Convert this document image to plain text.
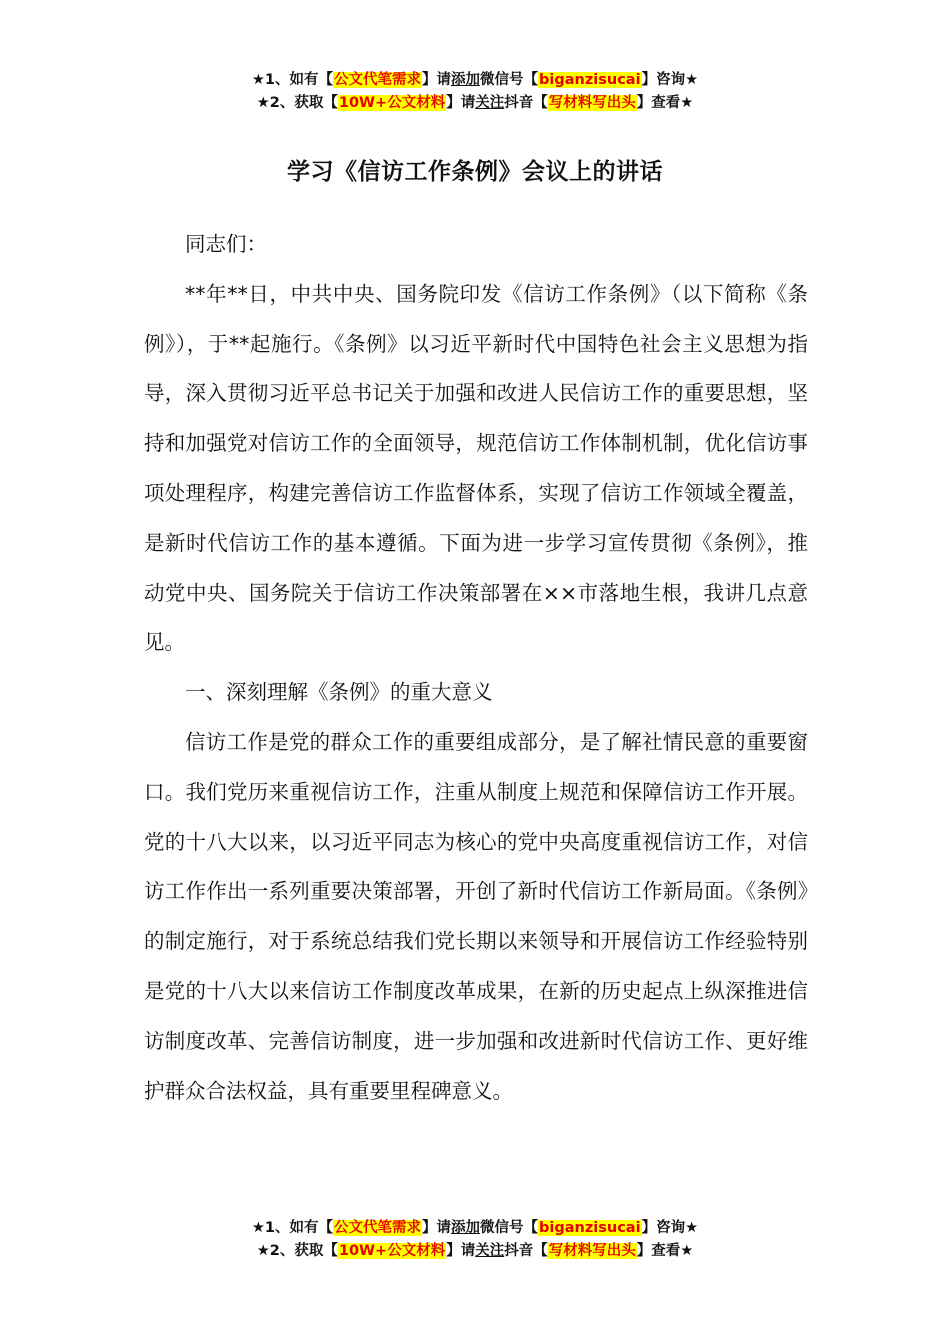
★1、如有【公文代笔需求】请添加微信号【biganzisucai】咨询★
★2、获取【10W+公文材料】请关注抖音【写材料写出头】查看★
学习《信访工作条例》会议上的讲话

同志们：

**年**日，中共中央、国务院印发《信访工作条例》（以下简称《条例》），于**起施行。《条例》以习近平新时代中国特色社会主义思想为指导，深入贯彻习近平总书记关于加强和改进人民信访工作的重要思想，坚持和加强党对信访工作的全面领导，规范信访工作体制机制，优化信访事项处理程序，构建完善信访工作监督体系，实现了信访工作领域全覆盖，是新时代信访工作的基本遵循。下面为进一步学习宣传贯彻《条例》，推动党中央、国务院关于信访工作决策部署在××市落地生根，我讲几点意见。

一、深刻理解《条例》的重大意义

信访工作是党的群众工作的重要组成部分，是了解社情民意的重要窗口。我们党历来重视信访工作，注重从制度上规范和保障信访工作开展。党的十八大以来，以习近平同志为核心的党中央高度重视信访工作，对信访工作作出一系列重要决策部署，开创了新时代信访工作新局面。《条例》的制定施行，对于系统总结我们党长期以来领导和开展信访工作经验特别是党的十八大以来信访工作制度改革成果，在新的历史起点上纵深推进信访制度改革、完善信访制度，进一步加强和改进新时代信访工作、更好维护群众合法权益，具有重要里程碑意义。

★1、如有【公文代笔需求】请添加微信号【biganzisucai】咨询★
★2、获取【10W+公文材料】请关注抖音【写材料写出头】查看★
